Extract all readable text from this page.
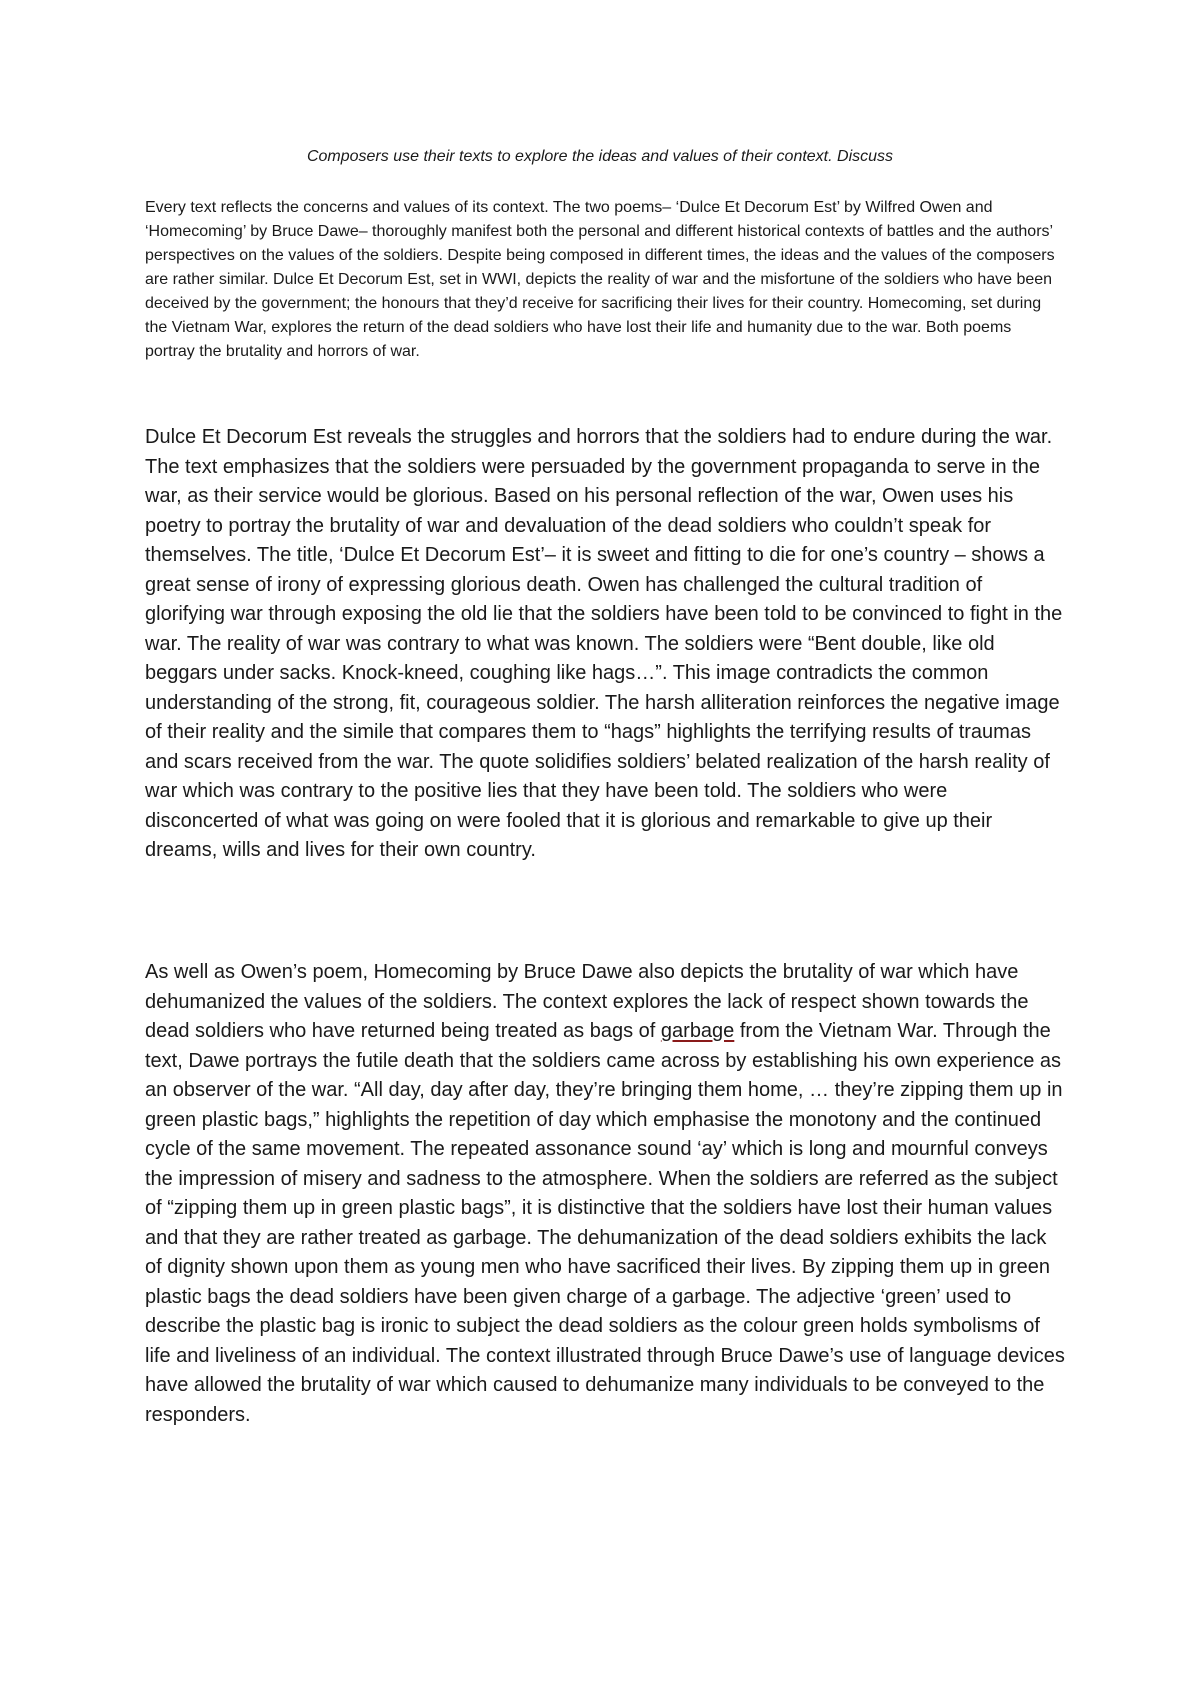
Composers use their texts to explore the ideas and values of their context. Discuss

Every text reflects the concerns and values of its context. The two poems– ‘Dulce Et Decorum Est’ by Wilfred Owen and ‘Homecoming’ by Bruce Dawe– thoroughly manifest both the personal and different historical contexts of battles and the authors’ perspectives on the values of the soldiers. Despite being composed in different times, the ideas and the values of the composers are rather similar. Dulce Et Decorum Est, set in WWI, depicts the reality of war and the misfortune of the soldiers who have been deceived by the government; the honours that they’d receive for sacrificing their lives for their country. Homecoming, set during the Vietnam War, explores the return of the dead soldiers who have lost their life and humanity due to the war. Both poems portray the brutality and horrors of war.

Dulce Et Decorum Est reveals the struggles and horrors that the soldiers had to endure during the war. The text emphasizes that the soldiers were persuaded by the government propaganda to serve in the war, as their service would be glorious. Based on his personal reflection of the war, Owen uses his poetry to portray the brutality of war and devaluation of the dead soldiers who couldn’t speak for themselves. The title, ‘Dulce Et Decorum Est’– it is sweet and fitting to die for one’s country – shows a great sense of irony of expressing glorious death. Owen has challenged the cultural tradition of glorifying war through exposing the old lie that the soldiers have been told to be convinced to fight in the war. The reality of war was contrary to what was known. The soldiers were “Bent double, like old beggars under sacks. Knock-kneed, coughing like hags…”. This image contradicts the common understanding of the strong, fit, courageous soldier. The harsh alliteration reinforces the negative image of their reality and the simile that compares them to “hags” highlights the terrifying results of traumas and scars received from the war. The quote solidifies soldiers’ belated realization of the harsh reality of war which was contrary to the positive lies that they have been told. The soldiers who were disconcerted of what was going on were fooled that it is glorious and remarkable to give up their dreams, wills and lives for their own country.

As well as Owen’s poem, Homecoming by Bruce Dawe also depicts the brutality of war which have dehumanized the values of the soldiers. The context explores the lack of respect shown towards the dead soldiers who have returned being treated as bags of garbage from the Vietnam War. Through the text, Dawe portrays the futile death that the soldiers came across by establishing his own experience as an observer of the war. “All day, day after day, they’re bringing them home, … they’re zipping them up in green plastic bags,” highlights the repetition of day which emphasise the monotony and the continued cycle of the same movement. The repeated assonance sound ‘ay’ which is long and mournful conveys the impression of misery and sadness to the atmosphere. When the soldiers are referred as the subject of “zipping them up in green plastic bags”, it is distinctive that the soldiers have lost their human values and that they are rather treated as garbage. The dehumanization of the dead soldiers exhibits the lack of dignity shown upon them as young men who have sacrificed their lives. By zipping them up in green plastic bags the dead soldiers have been given charge of a garbage. The adjective ‘green’ used to describe the plastic bag is ironic to subject the dead soldiers as the colour green holds symbolisms of life and liveliness of an individual. The context illustrated through Bruce Dawe’s use of language devices have allowed the brutality of war which caused to dehumanize many individuals to be conveyed to the responders.
